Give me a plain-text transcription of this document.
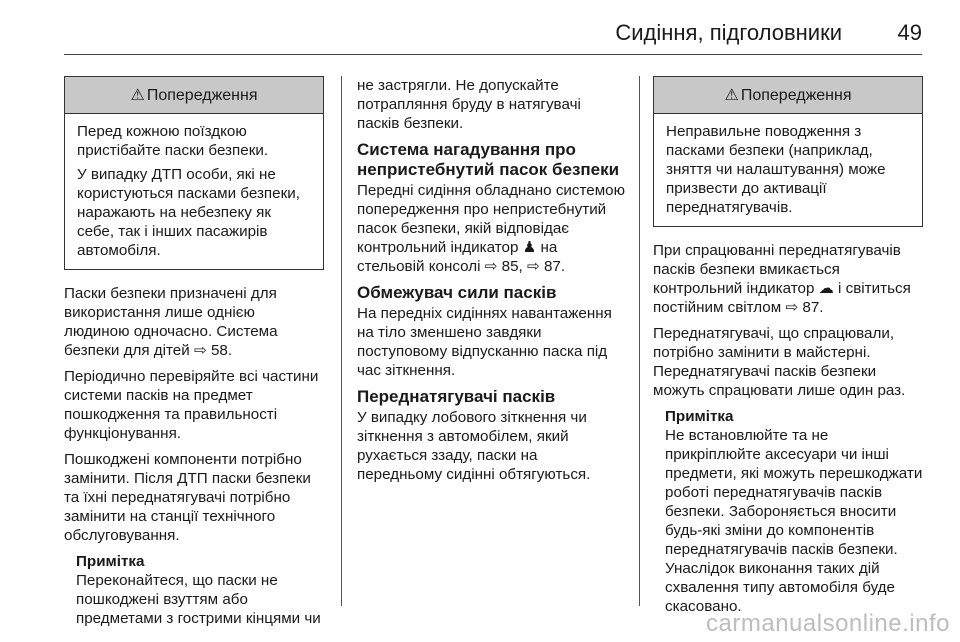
Сидіння, підголовники	49
⚠ Попередження

Перед кожною поїздкою пристібайте паски безпеки.

У випадку ДТП особи, які не користуються пасками безпеки, наражають на небезпеку як себе, так і інших пасажирів автомобіля.

Паски безпеки призначені для використання лише однією людиною одночасно. Система безпеки для дітей ⇨ 58.

Періодично перевіряйте всі частини системи пасків на предмет пошкодження та правильності функціонування.

Пошкоджені компоненти потрібно замінити. Після ДТП паски безпеки та їхні переднатягувачі потрібно замінити на станції технічного обслуговування.

Примітка
Переконайтеся, що паски не пошкоджені взуттям або предметами з гострими кінцями чи

не застрягли. Не допускайте потрапляння бруду в натягувачі пасків безпеки.

Система нагадування про непристебнутий пасок безпеки

Передні сидіння обладнано системою попередження про непристебнутий пасок безпеки, якій відповідає контрольний індикатор ♟ на стельовій консолі ⇨ 85, ⇨ 87.

Обмежувач сили пасків

На передніх сидіннях навантаження на тіло зменшено завдяки поступовому відпусканню паска під час зіткнення.

Переднатягувачі пасків

У випадку лобового зіткнення чи зіткнення з автомобілем, який рухається ззаду, паски на передньому сидінні обтягуються.

⚠ Попередження

Неправильне поводження з пасками безпеки (наприклад, зняття чи налаштування) може призвести до активації переднатягувачів.

При спрацюванні переднатягувачів пасків безпеки вмикається контрольний індикатор ☁ і світиться постійним світлом ⇨ 87.

Переднатягувачі, що спрацювали, потрібно замінити в майстерні. Переднатягувачі пасків безпеки можуть спрацювати лише один раз.

Примітка
Не встановлюйте та не прикріплюйте аксесуари чи інші предмети, які можуть перешкоджати роботі переднатягувачів пасків безпеки. Забороняється вносити будь-які зміни до компонентів переднатягувачів пасків безпеки. Унаслідок виконання таких дій схвалення типу автомобіля буде скасовано.
carmanualsonline.info
